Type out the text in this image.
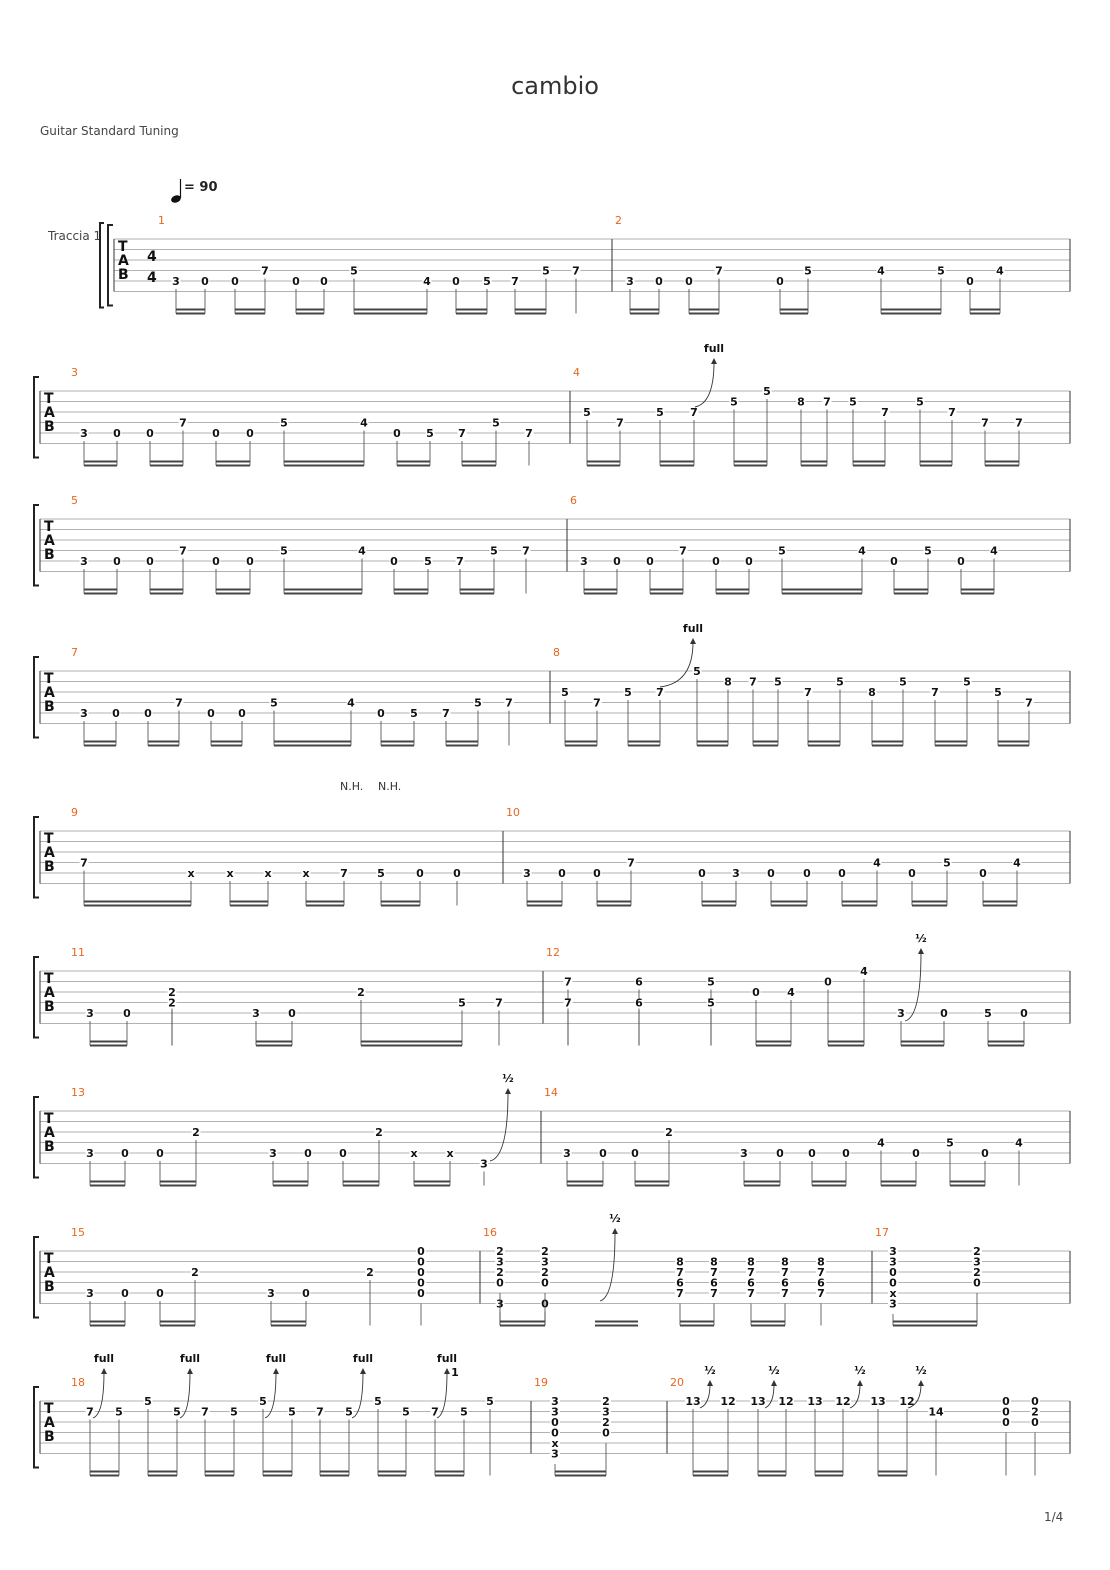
cambio
Guitar Standard Tuning
Traccia 1
= 90
1/4
T
A
B
4
4
1
3 0 0
7
0 0
5
4 0 5 7
5 7
2
3 0 0
7
0
5	4	5
0
4
T
A
B
3
3 0 0
7
0 0
5	4
0 5 7
5
7
4
5
7
5 7
5
5
8 7 5
7
5
7
7 7
T
A
B
5
3 0 0
7
0 0
5	4
0 5 7
5 7
6
3 0 0
7
0 0
5	4
0
5
0
4
T
A
B
7
3 0 0
7
0 0
5	4
0 5 7
5 7
8
5
7
5 7
5
8 7 5
7
5
8
5
7
5
5
7
T
A
B
9
7
x	x	x	x	7	5	0	0
10
3 0 0
7
0 3 0	0 0
4
0
5
0
4
T
A
B
11
3	0
2
2
3	0
2
5	7
12
7
7
6
6
5
5
0 4
0
4
3	0	5	0
T
A
B
13
3 0 0
2
3 0 0
2
x	x
3
14
3	0 0
2
3	0 0 0
4
0
5
0
4
T
A
B
15
3 0 0
2
3 0
2
0
0
0
0
0
16
3	0
2
3
2
0
2
3
2
0
8
7
6
7
8
7
6
7
8
7
6
7
8
7
6
7
8
7
6
7
17
3
3
0
0
x
3
2
3
2
0
T
A
B
18
7 5
5
5 7 5
5
5 7 5
5
5 7 5
5
19
3
3
0
0
x
3
2
3
2
0
20
13 12 13 12 13 12 13 12
14
0
0
0
0
2
0
full
full
½
½
½
full	full	full	full	full
½	½	½	½
1
N.H. N.H.
